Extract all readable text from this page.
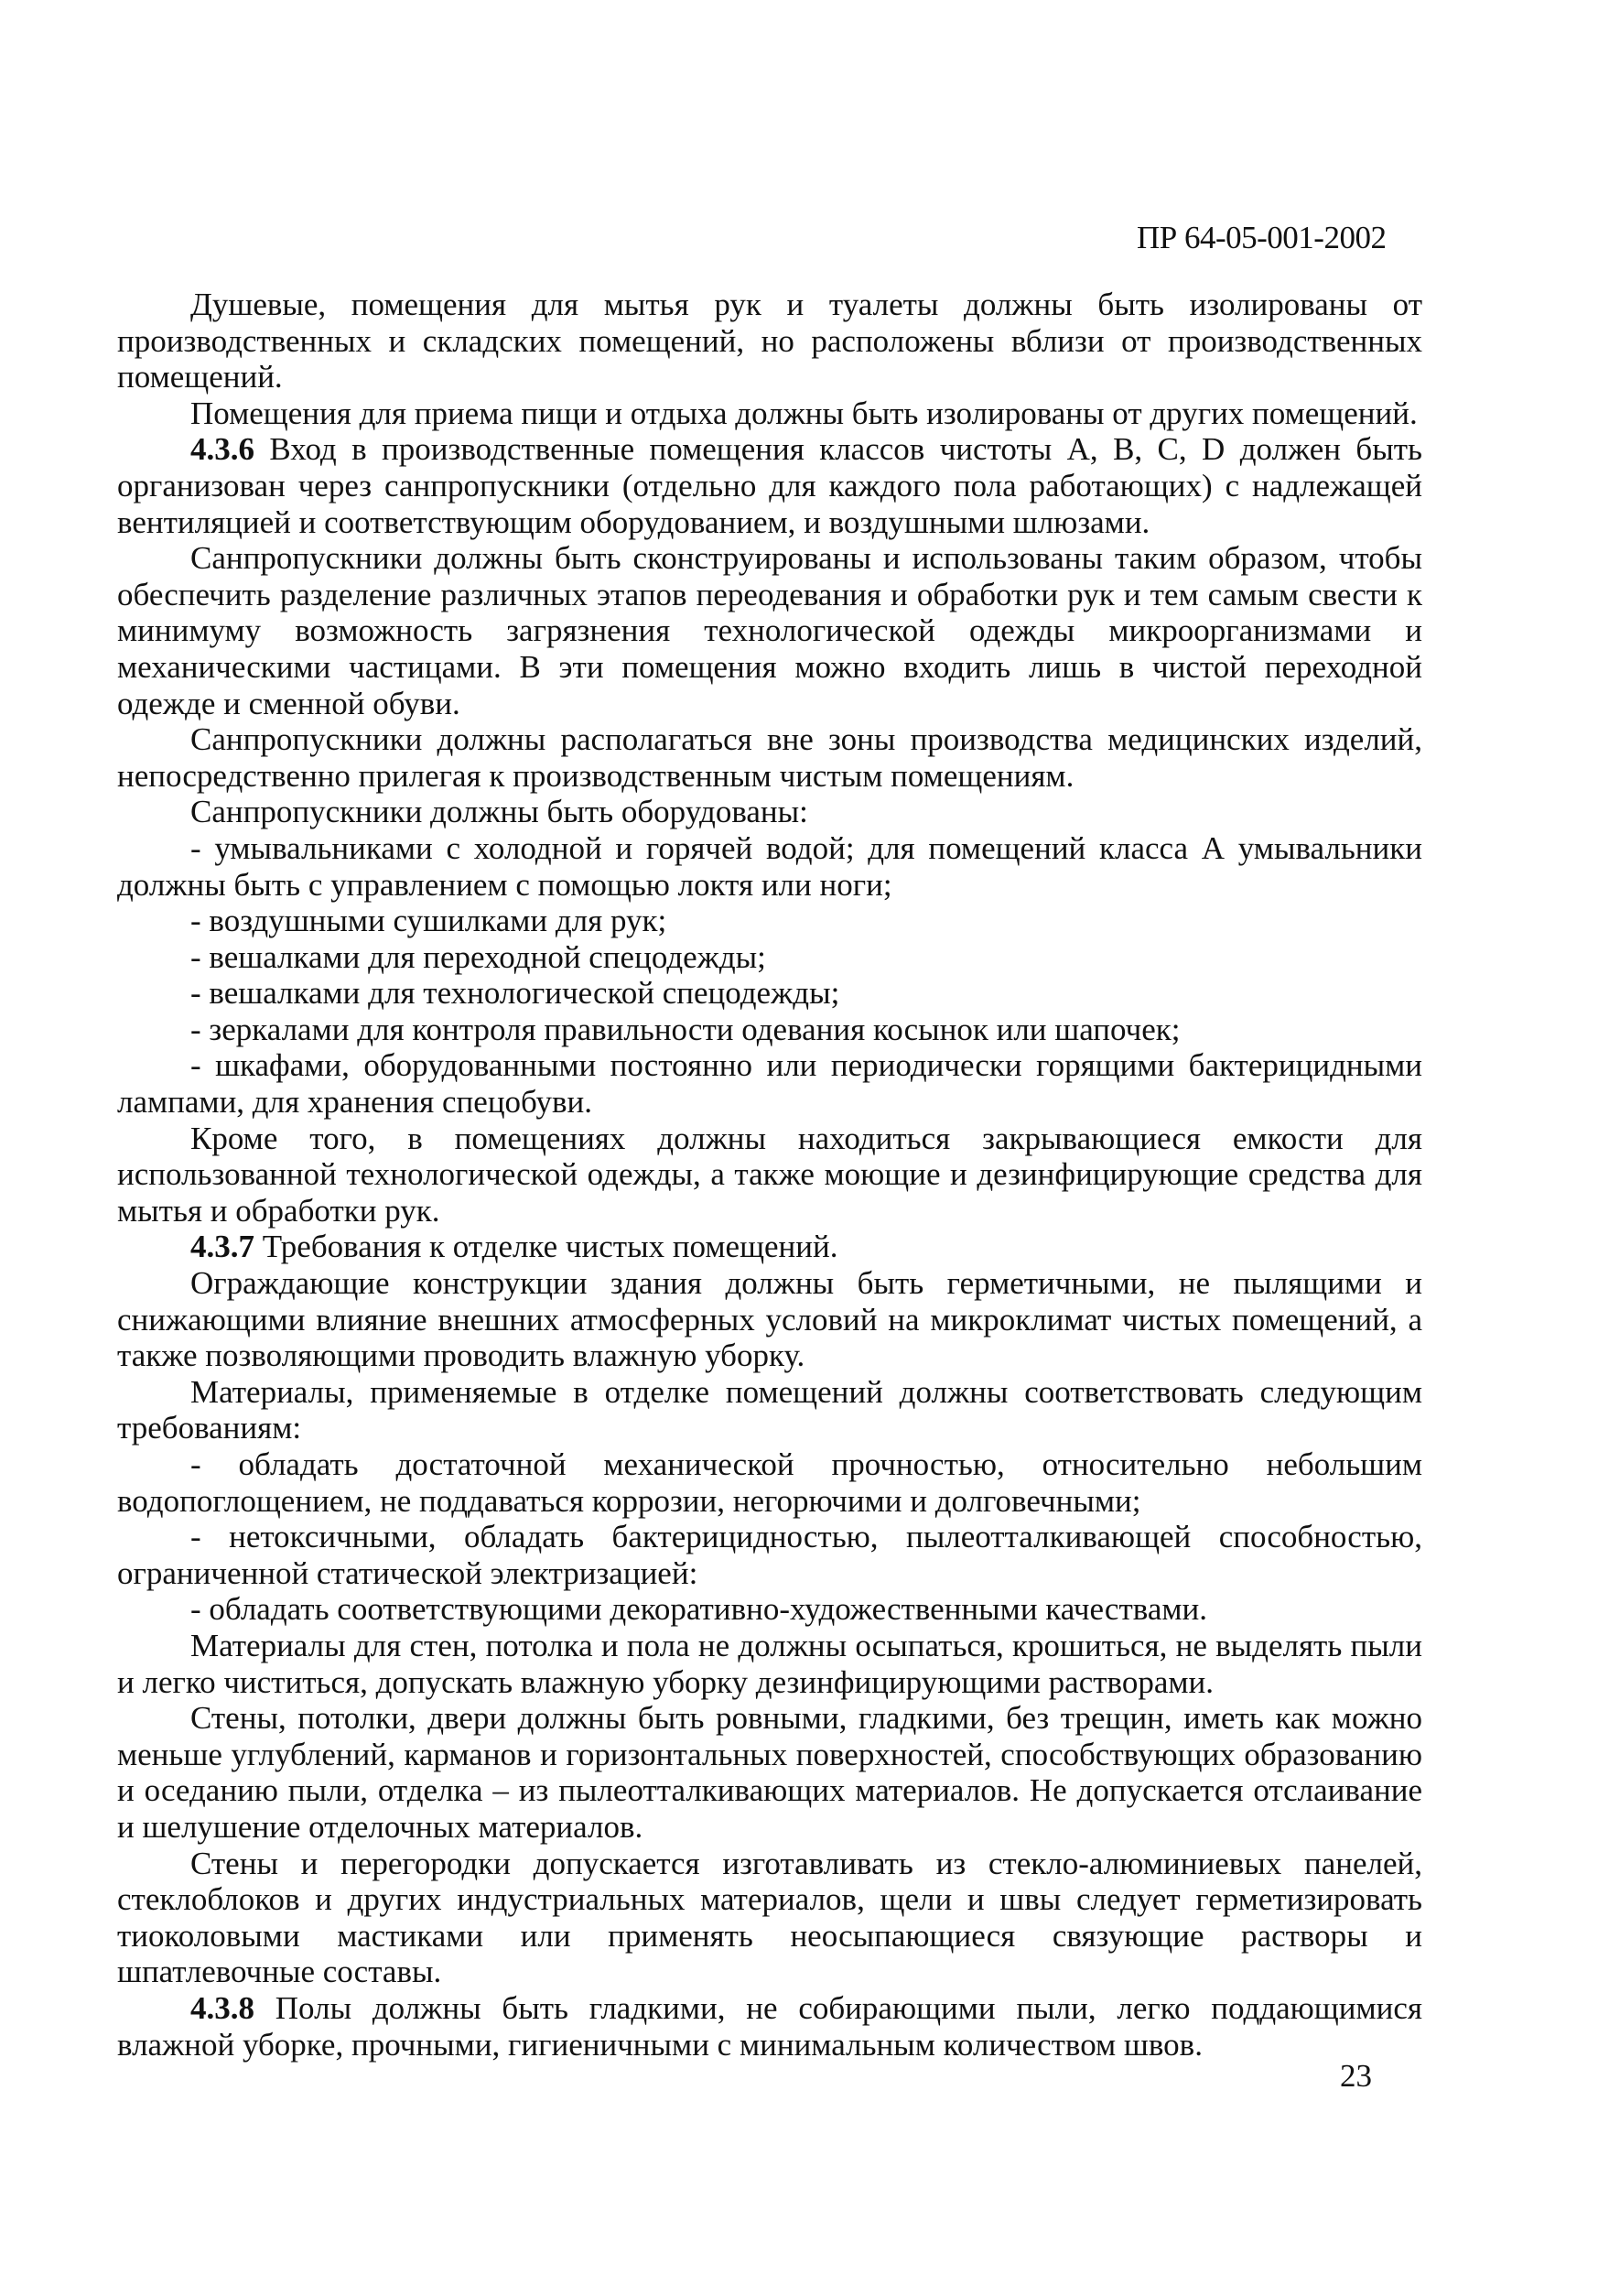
ПР 64-05-001-2002

Душевые, помещения для мытья рук и туалеты должны быть изолированы от производственных и складских помещений, но расположены вблизи от производственных помещений.

Помещения для приема пищи и отдыха должны быть изолированы от других помещений.

4.3.6 Вход в производственные помещения классов чистоты А, В, С, D должен быть организован через санпропускники (отдельно для каждого пола работающих) с надлежащей вентиляцией и соответствующим оборудованием, и воздушными шлюзами.

Санпропускники должны быть сконструированы и использованы таким образом, чтобы обеспечить разделение различных этапов переодевания и обработки рук и тем самым свести к минимуму возможность загрязнения технологической одежды микроорганизмами и механическими частицами. В эти помещения можно входить лишь в чистой переходной одежде и сменной обуви.

Санпропускники должны располагаться вне зоны производства медицинских изделий, непосредственно прилегая к производственным чистым помещениям.

Санпропускники должны быть оборудованы:

- умывальниками с холодной и горячей водой; для помещений класса А умывальники должны быть с управлением с помощью локтя или ноги;

- воздушными сушилками для рук;

- вешалками для переходной спецодежды;

- вешалками для технологической спецодежды;

- зеркалами для контроля правильности одевания косынок или шапочек;

- шкафами, оборудованными постоянно или периодически горящими бактерицидными лампами, для хранения спецобуви.

Кроме того, в помещениях должны находиться закрывающиеся емкости для использованной технологической одежды, а также моющие и дезинфицирующие средства для мытья и обработки рук.

4.3.7 Требования к отделке чистых помещений.

Ограждающие конструкции здания должны быть герметичными, не пылящими и снижающими влияние внешних атмосферных условий на микроклимат чистых помещений, а также позволяющими проводить влажную уборку.

Материалы, применяемые в отделке помещений должны соответствовать следующим требованиям:

- обладать достаточной механической прочностью, относительно небольшим водопоглощением, не поддаваться коррозии, негорючими и долговечными;

- нетоксичными, обладать бактерицидностью, пылеотталкивающей способностью, ограниченной статической электризацией:

- обладать соответствующими декоративно-художественными качествами.

Материалы для стен, потолка и пола не должны осыпаться, крошиться, не выделять пыли и легко чиститься, допускать влажную уборку дезинфицирующими растворами.

Стены, потолки, двери должны быть ровными, гладкими, без трещин, иметь как можно меньше углублений, карманов и горизонтальных поверхностей, способствующих образованию и оседанию пыли, отделка – из пылеотталкивающих материалов. Не допускается отслаивание и шелушение отделочных материалов.

Стены и перегородки допускается изготавливать из стекло-алюминиевых панелей, стеклоблоков и других индустриальных материалов, щели и швы следует герметизировать тиоколовыми мастиками или применять неосыпающиеся связующие растворы и шпатлевочные составы.

4.3.8 Полы должны быть гладкими, не собирающими пыли, легко поддающимися влажной уборке, прочными, гигиеничными с минимальным количеством швов.

23
